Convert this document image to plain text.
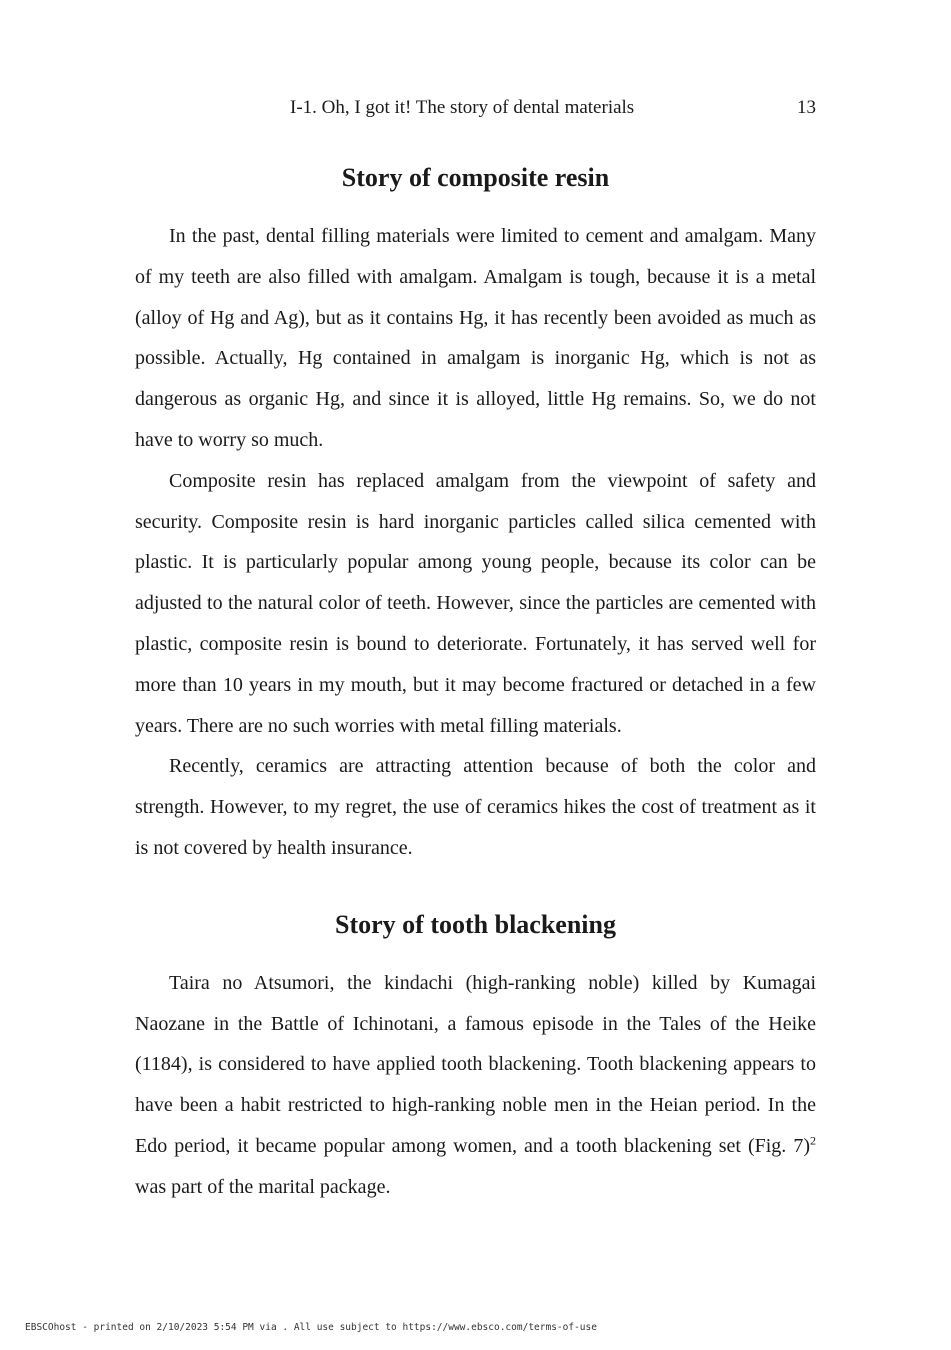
I-1. Oh, I got it! The story of dental materials	13
Story of composite resin

In the past, dental filling materials were limited to cement and amalgam. Many of my teeth are also filled with amalgam. Amalgam is tough, because it is a metal (alloy of Hg and Ag), but as it contains Hg, it has recently been avoided as much as possible. Actually, Hg contained in amalgam is inorganic Hg, which is not as dangerous as organic Hg, and since it is alloyed, little Hg remains. So, we do not have to worry so much.

Composite resin has replaced amalgam from the viewpoint of safety and security. Composite resin is hard inorganic particles called silica cemented with plastic. It is particularly popular among young people, because its color can be adjusted to the natural color of teeth. However, since the particles are cemented with plastic, composite resin is bound to deteriorate. Fortunately, it has served well for more than 10 years in my mouth, but it may become fractured or detached in a few years. There are no such worries with metal filling materials.

Recently, ceramics are attracting attention because of both the color and strength. However, to my regret, the use of ceramics hikes the cost of treatment as it is not covered by health insurance.

Story of tooth blackening

Taira no Atsumori, the kindachi (high-ranking noble) killed by Kumagai Naozane in the Battle of Ichinotani, a famous episode in the Tales of the Heike (1184), is considered to have applied tooth blackening. Tooth blackening appears to have been a habit restricted to high-ranking noble men in the Heian period. In the Edo period, it became popular among women, and a tooth blackening set (Fig. 7)$^2$ was part of the marital package.

EBSCOhost - printed on 2/10/2023 5:54 PM via . All use subject to https://www.ebsco.com/terms-of-use
